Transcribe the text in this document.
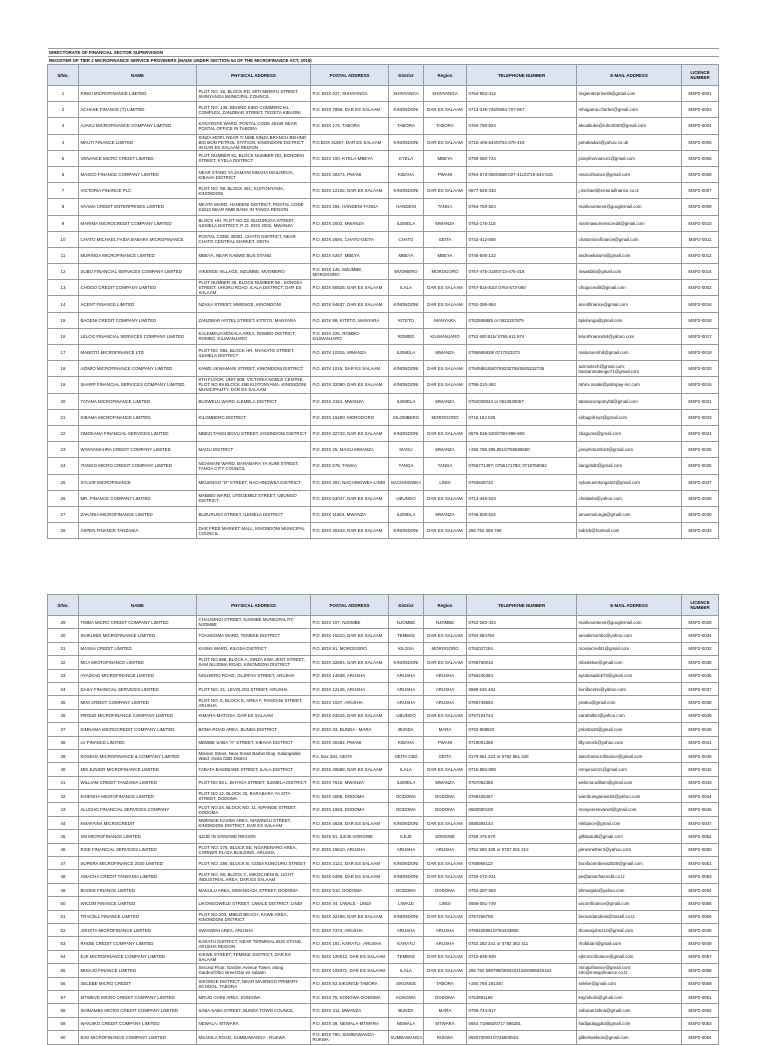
DIRECTORATE OF FINANCIAL SECTOR SUPERVISION								
REGISTER OF TIER 2 MICROFINANCE SERVICE PROVIDERS (MADE UNDER SECTION 54 OF THE MICROFINANCE ACT, 2018)								
S/No.	NAME	PHYSICAL ADDRESS	POSTAL ADDRESS	District	Region	TELEPHONE NUMBER	E-MAIL ADDRESS	LICENCE NUMBER
1	RINGI MICROFINANCE LIMITED	PLOT NO. 36, BLOCK RD, MITI MIREFU STREET, SHINYANGA MUNICIPAL COUNCIL	P.O. BOX 627, SHINYANGA	SHINYANGA	SHINYANGA	0764-952-412	ringienterprises9@gmail.com	MSP2-0001
2	ACHASE FINANCE (T) LIMITED	PLOT NO. 135, BEHIND KIBO COMMERCIAL COMPLEX, ZANZIBAR STREET, TEGETA KIBAONI	P.O. BOX 7858, DAR ES SALAAM	KINONDONI	DAR ES SALAAM	0713-335-745/0683-707-657	mhagama.charles@gmail.com	MSP2-0003
3	AJAKU MICROFINANCE COMPANY LIMITED	KANYENYE WARD, POSTAL CODE 45109 NEAR POSTAL OFFICE IN TABORA	P.O. BOX 174, TABORA	TABORA	TABORA	0784-750-824	akuutkuke@ruhe2020@gmail.com	MSP2-0004
4	MKUTI FINANCE LIMITED	SINZA MORI, NEAR TI NMB SINZA BRANCH BEHIND BIG BON PETROL STATION, KINONDONI DISTRICT IN DAR ES SALAAM REGION	P.O.BOX 31867, DAR ES SALAAM	KINONDONI	DAR ES SALAAM	0715-406-544/0754-370-419	jumakadari@yahoo.co.uk	MSP2-0005
5	VENANCE MICRO CREDIT LIMITED	PLOT NUMBER 81, BLOCK NUMBER DD, BONDENI STREET, KYELA DISTRICT	P.O. BOX 100, KYELA-MBEYA	KYELA	MBEYA	0758-060-724	josephvenance1@gmail.com	MSP2-0006
6	MASCO FINANCE COMPANY LIMITED	NEAR STAND YA ZAMANI KIBAHA MAILIMOJA, KIBAHA DISTRICT	P.O. BOX 30474, PWANI	KIBAHA	PWANI	0764-573-090/0688-027-411/0718-544-515	mascofinance@gmail.com	MSP2-0008
7	VICTORIA FINANCE PLC	PLOT NO. 58, BLOCK 45C, KIJITONYAMA, KINONDONI	P.O. BOX 12102, DAR ES SALAAM	KINONDONI	DAR ES SALAAM	0677-626-333	j.michael@victoriafinance.co.tz	MSP2-0007
8	NYAMA CREDIT ENTERPRISES LIMITED	MKATA WARD, HANDENI DISTRICT, POSTAL CODE 21813 NEAR NMB BANK IN TANGA REGION	P.O. BOX 294, HANDENI-TANGA	HANDENI	TANGA	0784-750-824	nnafuruesteve@googlemail.com	MSP2-0009
9	MARIMA MICROCREDIT COMPANY LIMITED	BLOCK HH, PLOT NO.33, BUZURUGA STREET, ILEMELA DISTRICT, P. O. BOX 2002, MWANZA	P.O. BOX 2002, MWANZA	ILEMELA	MWANZA	0762-175-118	marimawomenscredit@gmail.com	MSP2-0010
10	CHATO MICHAEL FAIDA BABARA MICROFINANCE	POSTAL CODE 30301, CHATO DISTRICT, NEAR CHATO CENTRAL MARKET, GEITA	P.O. BOX 2694, CHATO-GEITA	CHATO	GEITA	0742-412-650	chatomicrofinance@gmail.com	MSP2-0011
11	MURINGA MICROFINANCE LIMITED	MBEYA, NEAR KABWE BUS STAND	P.O. BOX 6267, MBEYA	MBEYA	MBEYA	0745-500-122	andrewkatumi@gmail.com	MSP2-0012
12	SUBO FINANCIAL SERVICES COMPANY LIMITED	VIKENGE VILLAGE, MZUMBE, MVOMERO	P.O. BOX 146, MZUMBE, MOROGORO	MVOMERO	MOROGORO	0767-476-318/0713-476-318	mwasbila@gmail.com	MSP2-0014
13	CHOGO CREDIT COMPANY LIMITED	PLOT NUMBER 48, BLOCK NUMBER 96 , SONGEA STREET, UHURU ROAD, ILALA DISTRICT, DAR ES SALAAM	P.O. BOX 80826, DAR ES SALAAM	ILALA	DAR ES SALAAM	0767-816-810/ 0764-573-090	chogocredit@gmail.com	MSP2-0002
14	ACENT FINANCE LIMITED	NZASA STREET, MWENGE, KINONDONI	P.O. BOX 54637, DAR ES SALAAM	KINONDONI	DAR ES SALAAM	0762-295-954	acentfinance@gmail.com	MSP2-0016
15	BAGENI CREDIT COMPANY LIMITED	ZANZIBAR HOTEL STREET, KITETO, MANYARA	P.O. BOX 98, KITETO, MANYARA	KITETO	MANYARA	0762508885 or 0622257879	bpkiranga@gmail.com	MSP2-0018
16	LELOO FINANCIAL SERVICES COMPANY LIMITED	KALEMEUA MOKALA AREA, ROMBO DISTRICT, ROMBO, KILIMANJARO	P.O. BOX 225, ROMBO-KILIMANJARO	ROMBO	KILIMANJARO	0753 600 815/ 0765 611 974	lelooFinance54@yahoo.com	MSP2-0017
17	MABOTO MICROFINANCE LTD	PLOT NO. 856, BLOCK HH, NYAKATO STREET, ILEMELA DISTRICT	P.O. BOX 10316, MWANZA	ILEMELA	MWANZA	0786665938/ 0717523273	mabotoemhd@gmail.com	MSP2-0019
18	AZIMIO MICROFINANCE COMPANY LIMITED	KAWE UKWAMANI STREET, KINONDONI DISTRICT	P.O. BOX 1015, DAR ES SALAAM	KINONDONI	DAR ES SALAAM	0754586155/0765232755/0625232735	azimiotech@gmail.com; hassanmatenge71@gmail.com	MSP2-0020
19	SHARP FINANCIAL SERVICES COMPANY LIMITED	8TH FLOOR; UNIT 808; VICTORIA NOBLE CENTRE, PLOT NO 89 BLOCK 45B KIJITONYAMA, KINONDONI MUNICIPALITY, DAR ES SALAAM	P.O. BOX 32080, DAR ES SALAAM	KINONDONI	DAR ES SALAAM	0758-210-482	rahmi.msaki@palmpay-inc.com	MSP2-0015
20	TATANA MICROFINANCE LIMITED	BUSWELU WARD, ILEMELA DISTRICT	P.O. BOX 2154, MWANZA	ILEMELA	MWANZA	0762028043 or 0622828067	tatanacompanyltd@gmail.com	MSP2-0021
21	KIBAMA MICROFINANCE LIMITED	KILOMBERO DISTRICT	P.O. BOX 16490, MOROGORO	KILOMBERO	MOROGORO	0718 164 026	sirbagofrey2@gmail.com	MSP2-0023
22	OMOKANA FINANCIAL SERVICES LIMITED	MBEZI TANGI BOVU STREET, KINONDONI DISTRICT	P.O. BOX 32733, DAR ES SALAAM	KINONDONI	DAR ES SALAAM	0675-536-520/0750-999-560	zbaguma@gmail.com	MSP2-0024
23	WANYAMAHRA CREDIT COMPANY LIMITED	MAGU DISTRICT	P.O. BOX 25, MAGU-MWANZA	MAGU	MWANZA	+255 788,396,861/0765686590	josephmumbe3@gmail.com	MSP2-0025
24	ITANGO MICRO CREDIT COMPANY LIMITED	NGAMIANI WARD, BARABARA YA KUMI STREET, TANGA CITY COUNCIL	P.O. BOX 578, TANGA	TANGA	TANGA	0766771497; 0756171780; 0718758082	itangoltd0@gmail.com	MSP2-0026
25	SYLVIR MICROFINANCE	MKUENGO "D" STREET, NACHINGWEA DISTRICT	P.O. BOX 291, NACHINGWEA-LINDI	NACHINGWEA	LINDI	0783848742	nykanuemtungai23@gmail.com	MSP2-0027
26	MR. FINANCE COMPANY LIMITED	MABIBO WARD, UTEGEMEZ STREET, UBUNGO DISTRICT	P.O. BOX 63047, DAR ES SALAAM	UBUNGO	DAR ES SALAAM	0713-446-623	chelaiela@yahoo.com	MSP2-0028
27	ZAKARIA MICROFINANCE LIMITED	BUZURUGA STREET, ILEMELA DISTRICT	P.O. BOX 11804, MWANZA	ILEMELA	MWANZA	0745-500-522	amosmulunga@gmail.com	MSP2-0030
28	ASPEN FINANCE TANZANIA	DAR FREE MARKET MALL, KINONDONI MUNICIPAL COUNCIL	P.O. BOX 25343, DAR ES SALAAM	KINONDONI	DAR ES SALAAM	255 754 369 769	lodrick@hotmail.com	MSP2-0033
S/No.	NAME	PHYSICAL ADDRESS	POSTAL ADDRESS	District	Region	TELEPHONE NUMBER	E-MAIL ADDRESS	LICENCE NUMBER
29	TIMBA MICRO CREDIT COMPANY LIMITED	CHAUSINGI STREET, NJOMBE MUNICIPALITY, NJOMBE	P.O. BOX 107, NJOMBE	NJOMBE	NJOMBE	0762-283-424	nnafuruesteve@googlemail.com	MSP2-0029
30	SHIKUNDI MICROFINANCE LIMITED	TOANGOMA WARD, TEMEKE DISTRICT	P.O. BOX 15310, DAR ES SALAAM	TEMEKE	DAR ES SALAAM	0784 884784	aesakimombo@yahoo.com	MSP2-0034
31	MASSA CREDIT LIMITED	KASIKI WARD, KILOSA DISTRICT	P.O. BOX 91, MOROGORO	KILOSA	MOROGORO	0752027184	mossacredit1@gmail.com	MSP2-0032
32	MCA MICROFINANCE LIMITED	PLOT NO.696, BLOCK A, SINZA KWA JENT STREET, SAM NUJOMA ROAD, KINONDONI DISTRICT	P.O. BOX 32604, DAR ES SALAAM	KINONDONI	DAR ES SALAAM	0766760015	mbedekar@gmail.com	MSP2-0035
33	AYAZKAD MICROFINANCE LIMITED	NGUSERO ROAD, OLJIRIYA STREET, ARUSHA	P.O. BOX 14938, ARUSHA	ARUSHA	ARUSHA	0756240384	ayubusadick73@gmail.com	MSP2-0036
34	DAILY FINANCIAL SERVICES LIMITED	PLOT NO. 21, LEVOLOSI STREET, ARUSHA	P.O. BOX 12145, ARUSHA	ARUSHA	ARUSHA	0689 646 464	bonifacehn@yahoo.com	MSP2-0037
35	MINI CREDIT COMPANY LIMITED	PLOT NO. 5, BLOCK E, AREA F, PANGANI STREET, ARUSHA	P.O. BOX 1037, ARUSHA	ARUSHA	ARUSHA	0765749593	jmwku@gmail.com	MSP2-0038
36	PROUD MICROFINANCE COMPANY LIMITED	KIMARA-MATOSA, DAR ES SALAAM	P.O. BOX 63316, DAR ES SALAAM	UBUNGO	DAR ES SALAAM	0767104744	sarahalbin@yahoo.com	MSP2-0039
37	KIMNAMA MICROCREDIT COMPANY LIMITED	BOMA ROAD AREA, BUNDA DISTRICT	P.O. BOX 33, BUNDA - MARA	BUNDA	MARA	0762-908822	jmbeba10@gmail.com	MSP2-0040
38	LV FINANCE LIMITED	MBWBE SABA "A" STREET, KIBAHA DISTRICT	P.O. BOX 30482, PWANI	KIBAHA	PWANI	0718001368	lilly.enock@yahoo.com	MSP2-0041
39	KOSEHA MICROFINANCE & COMPANY LIMITED	Mission Street, Near Smart Barbershop, Kalangalala Ward, Geita CBD District	P.o. Box 284, GEITA	GEITA CBD	GEITA	0179 861 223 or 0752 861 228	adechamicrofinance@gmail.com	MSP2-0045
40	MM JUNIOR MICROFINANCE LIMITED	TABATA BAKEBANE STREET, ILALA DISTRICT	P.O. BOX 40588, DAR ES SALAAM	ILALA	DAR ES SALAAM	0715-882-089	mmjuniorsrc@gmail.com	MSP2-0042
41	WILLIAM CREDIT TANZANIA LIMITED	PLOT NO 58 L, BHYIGA STREET, ILEMELA DISTRICT	P.O. BOX 7616, MWANZA	ILEMELA	MWANZA	0757062365	wekima.william@gmail.com	MSP2-0043
42	KIHEGHA MICROFINANCE LIMITED	PLOT NO.12, BLOCK 33, BARABARA YA SITA STREET, DODOMA	P.O. BOX 4088, DODOMA	DODOMA	DODOMA	0768425467	wambuiegamee82@yahoo.com	MSP2-0044
43	ALUCHO FINANCIAL SERVICES COMPANY	PLOT NO.34, BLOCK NO. 11, KIPANDE STREET, DODOMA	P.O. BOX 1683, DODOMA	DODOMA	DODOMA	0682900108	monyeereevanist@gmail.com	MSP2-0046
44	KMAFAINA MICROCREDIT	MWENGE KASIMI AREA, MAWINGU STREET, KINONDONI DISTRICT, DAR ES SALAAM	P.O. BOX 4628, DAR ES SALAAM	KINONDONI	DAR ES SALAAM	0688384144	mkbjoice@gmail.com	MSP2-0047
45	VM MICROFINANCE LIMITED	ILEJE IN SONGWE REGION	P.O. BOX 81, ILEJE-SONGWE	ILEJE	SONGWE	0758 475 970	gilbitpaul5@gmail.com	MSP2-0052
46	RISE FINANCIAL SERVICES LIMITED	PLOT NO. 275, BLOCK EE, NGARENARO AREA, CORNER PLAZA BUILDING, ARUSHA	P.O. BOX 15610, ARUSHA	ARUSHA	ARUSHA	0754 560 328 or 0757 001 212	jamesnether2@yahoo.com	MSP2-0050
47	SUPERA MICROFINANCE 2020 LIMITED	PLOT NO. 256, BLOCK B, GOBA KUNGURU STREET	P.O. BOX 3121, DAR ES SALAAM	KINONDONI	DAR ES SALAAM	0768966113	bonifacembena2020@gmail.com	MSP2-0051
48	AMACHA CREDIT TANZANIA LIMITED	PLOT NO. 68, BLOCK C, MIKOCHENI B, LIGHT INDUSTRIAL AREA, DAR ES SALAAM	P.O. BOX 6496, DAR ES SALAAM	KINONDONI	DAR ES SALAAM	0726-272-021	pa@amachacredit.co.tz	MSP2-0053
49	BHOKE FINANCE LIMITED	MAKULU AREA, MWANGAZA STREET, DODOMA	P.O. BOX 610, DODOMA	DODOMA	DODOMA	0752-297-553	bhmasjala@yahoo.com	MSP2-0054
50	WICOM FINANCE LIMITED	LIKONGOWELE STREET, LIWALE DISTRICT, LINDI	P.O. BOX 44, LIWALE - LINDI	LIWALE	LINDI	0656-081-749	wicomfinance@gmail.com	MSP2-0055
51	TRACELL FINANCE LIMITED	PLOT NO.203, MBEZI BEACH, KAWE AREA, KINONDONI DISTRICT	P.O. BOX 32198, DAR ES SALAAM	KINONDONI	DAR ES SALAAM	0767266705	bernardandrew@tracell.co.tz	MSP2-0056
52	JOHSTA MICROFINANCE LIMITED	SWANZINI AREA, ARUSHA	P.O. BOX 7374, ARUSHA	ARUSHA	ARUSHA	0769425961/0784433806	thomasjohn210@gmail.com	MSP2-0048
53	RHOBI CREDIT COMPANY LIMITED	KARATU DISTRICT, NEAR TERMINAL BUS STAND, ARUSHA REGION	P.O. BOX 191, KARATU - ARUSHA	KARATU	ARUSHA	0752 282 341 or 0782 352 411	rhobibani@gmail.com	MSP2-0049
54	EJK MICROFINANCE COMPANY LIMITED	KIKWE STREET, TEMEKE DISTRICT, DAR ES SALAAM	P.O. BOX 120012, DAR ES SALAAM	TEMEKE	DAR ES SALAAM	0712-835-929	ejkmicrofinance@gmail.com	MSP2-0057
55	MINAJO FINANCE LIMITED	Second Floor, Garden Avenue Tower, along Garden/Ohio street-Dar es salaam	P.O. BOX 105371, DAR ES SALAAM	ILALA	DAR ES SALAAM	255 762 596799/0693224165/0686640422	minajofinance@gmail.com; info@minajofinance.co.tz	MSP2-0058
56	SELEBE MICRO CREDIT	SIKONGE DISTRICT, NEAR MAJENGO PRIMARY SCHOOL, TABORA	P.O. BOX 83 SIKONGE-TABORA	SIKONGE	TABORA	+255 768 191340	selebe@gmail.com	MSP2-0059
57	MTWEVE MICRO CREDIT COMPANY LIMITED	MRIJO CHINI AREA, KONGWA	P.O. BOX 75, KONGWA-DODOMA	KONGWA	DODOMA	0753951159	kaymbolis@gmail.com	MSP2-0061
58	SHINAMBA MICRO CREDIT COMPANY LIMITED	SABA SABA STREET, BUNDA TOWN COUNCIL	P.O. BOX 411, MWANZA	BUNDA	MARA	0755-744-917	nsburanzalma@gmail.com	MSP2-0062
59	WANJIKO CREDIT COMPANY LIMITED	NEWALA, MTWARA	P.O. BOX 39, NEWALA-MTWARA	NEWALA	MTWARA	0654 718682/0717 886281	hadijadaggal3@gmail.com	MSP2-0063
60	EIGI MICROFINANCE COMPANY LIMITED	MSAKILA ROAD, SUMBAWANGA - RUKWA	P.O. BOX 780, SUMBAWANGA - RUKWA	SUMBAWANGA	RUKWA	0659700001/0745500522	gilbertwelson@gmail.com	MSP2-0064
